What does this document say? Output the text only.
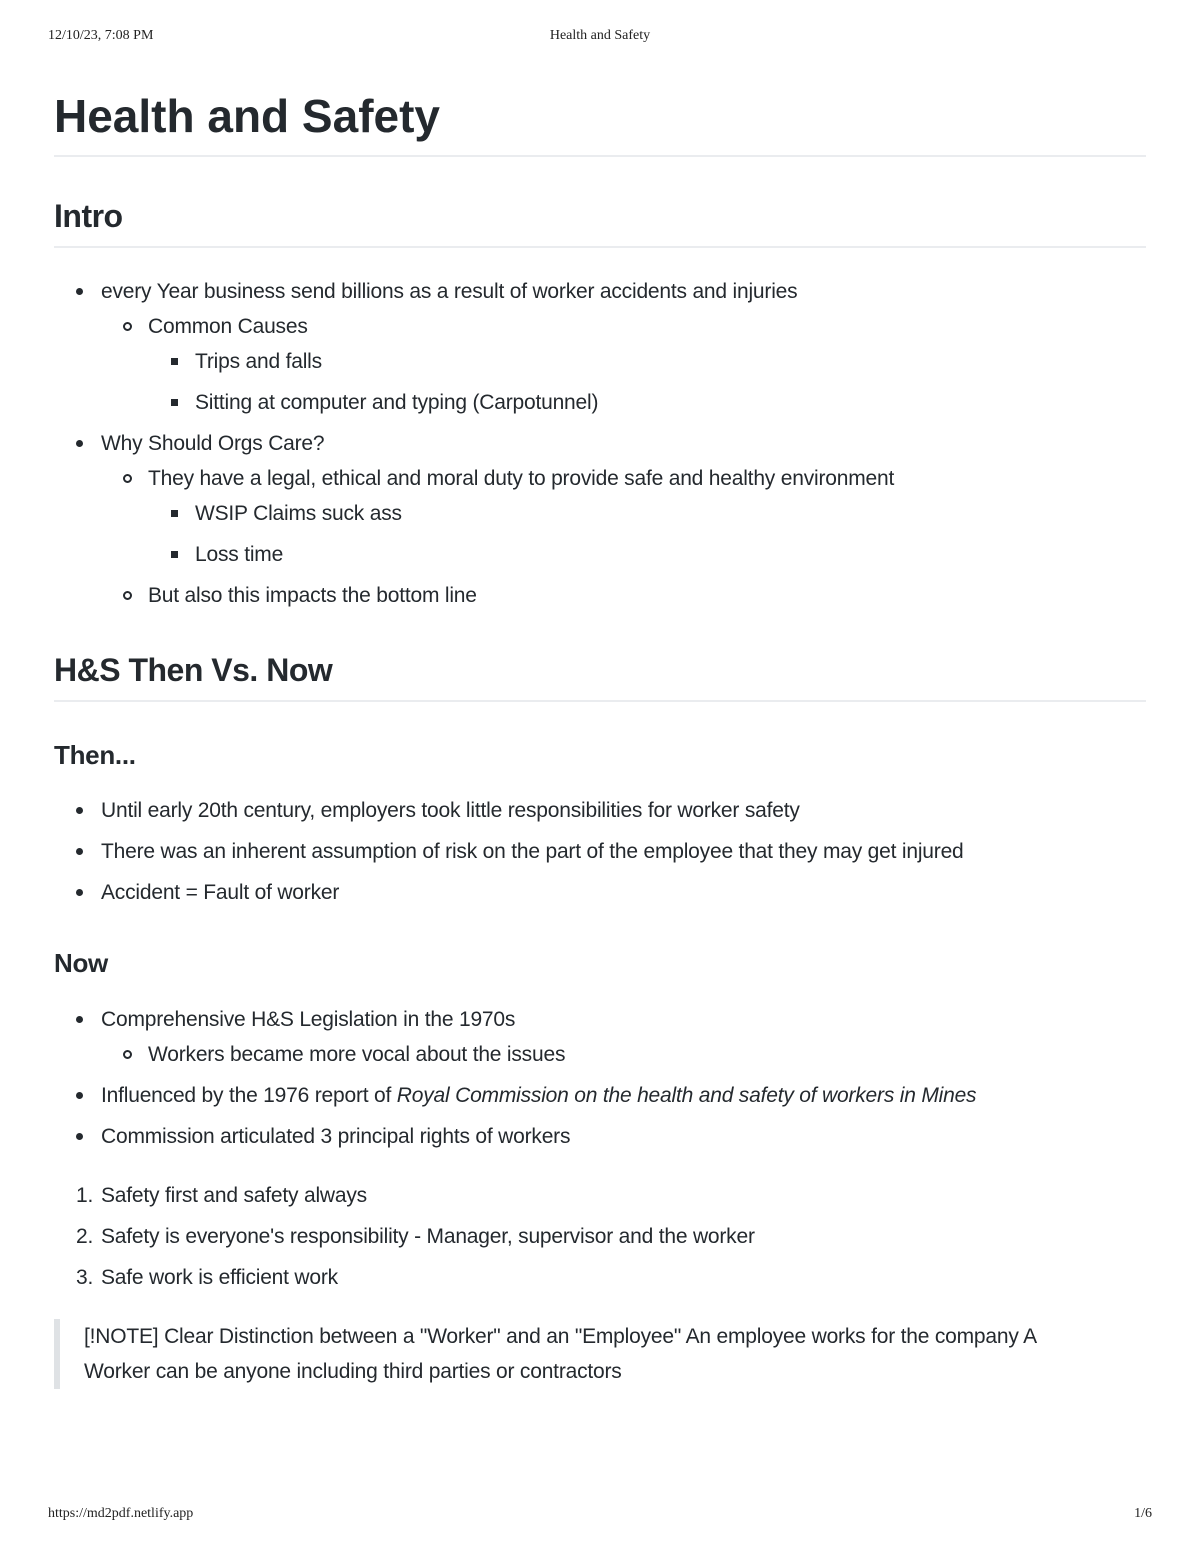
12/10/23, 7:08 PM	Health and Safety
Health and Safety
Intro
every Year business send billions as a result of worker accidents and injuries
Common Causes
Trips and falls
Sitting at computer and typing (Carpotunnel)
Why Should Orgs Care?
They have a legal, ethical and moral duty to provide safe and healthy environment
WSIP Claims suck ass
Loss time
But also this impacts the bottom line
H&S Then Vs. Now
Then...
Until early 20th century, employers took little responsibilities for worker safety
There was an inherent assumption of risk on the part of the employee that they may get injured
Accident = Fault of worker
Now
Comprehensive H&S Legislation in the 1970s
Workers became more vocal about the issues
Influenced by the 1976 report of Royal Commission on the health and safety of workers in Mines
Commission articulated 3 principal rights of workers
1. Safety first and safety always
2. Safety is everyone's responsibility - Manager, supervisor and the worker
3. Safe work is efficient work
[!NOTE] Clear Distinction between a "Worker" and an "Employee" An employee works for the company A Worker can be anyone including third parties or contractors
https://md2pdf.netlify.app	1/6
